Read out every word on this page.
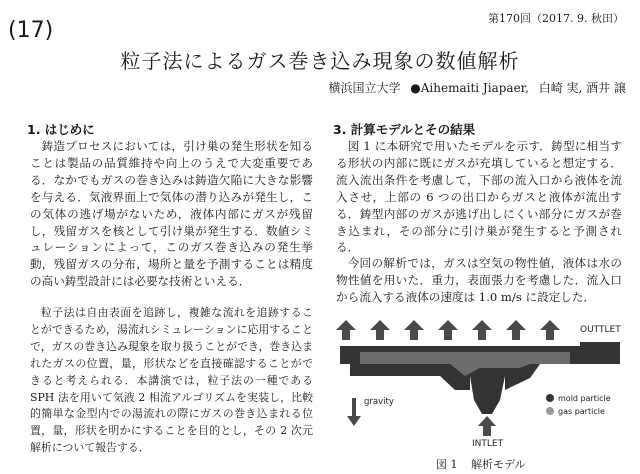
(17)	第170回（2017. 9. 秋田）
粒子法によるガス巻き込み現象の数値解析
横浜国立大学 ●Aihemaiti Jiapaer, 白崎 実, 酒井 譲
1. はじめに

鋳造プロセスにおいては，引け巣の発生形状を知ることは製品の品質維持や向上のうえで大変重要である．なかでもガスの巻き込みは鋳造欠陥に大きな影響を与える．気液界面上で気体の潜り込みが発生し，この気体の逃げ場がないため，液体内部にガスが残留し，残留ガスを核として引け巣が発生する．数値シミュレーションによって，このガス巻き込みの発生挙動，残留ガスの分布，場所と量を予測することは精度の高い鋳型設計には必要な技術といえる．

粒子法は自由表面を追跡し，複雑な流れを追跡することができるため，湯流れシミュレーションに応用することで，ガスの巻き込み現象を取り扱うことができ，巻き込まれたガスの位置，量，形状などを直接確認することができると考えられる．本講演では，粒子法の一種である SPH 法を用いて気液 2 相流アルゴリズムを実装し，比較的簡単な金型内での湯流れの際にガスの巻き込まれる位置，量，形状を明かにすることを目的とし，その 2 次元解析について報告する．

3. 計算モデルとその結果

図 1 に本研究で用いたモデルを示す．鋳型に相当する形状の内部に既にガスが充填していると想定する．流入流出条件を考慮して，下部の流入口から液体を流入させ，上部の 6 つの出口からガスと液体が流出する．鋳型内部のガスが逃げ出しにくい部分にガスが巻き込まれ，その部分に引け巣が発生すると予測される．

今回の解析では，ガスは空気の物性値，液体は水の物性値を用いた．重力，表面張力を考慮した．流入口から流入する液体の速度は 1.0 m/s に設定した．

OUTTLET
gravity
INTLET
mold particle
gas particle
図 1 解析モデル
